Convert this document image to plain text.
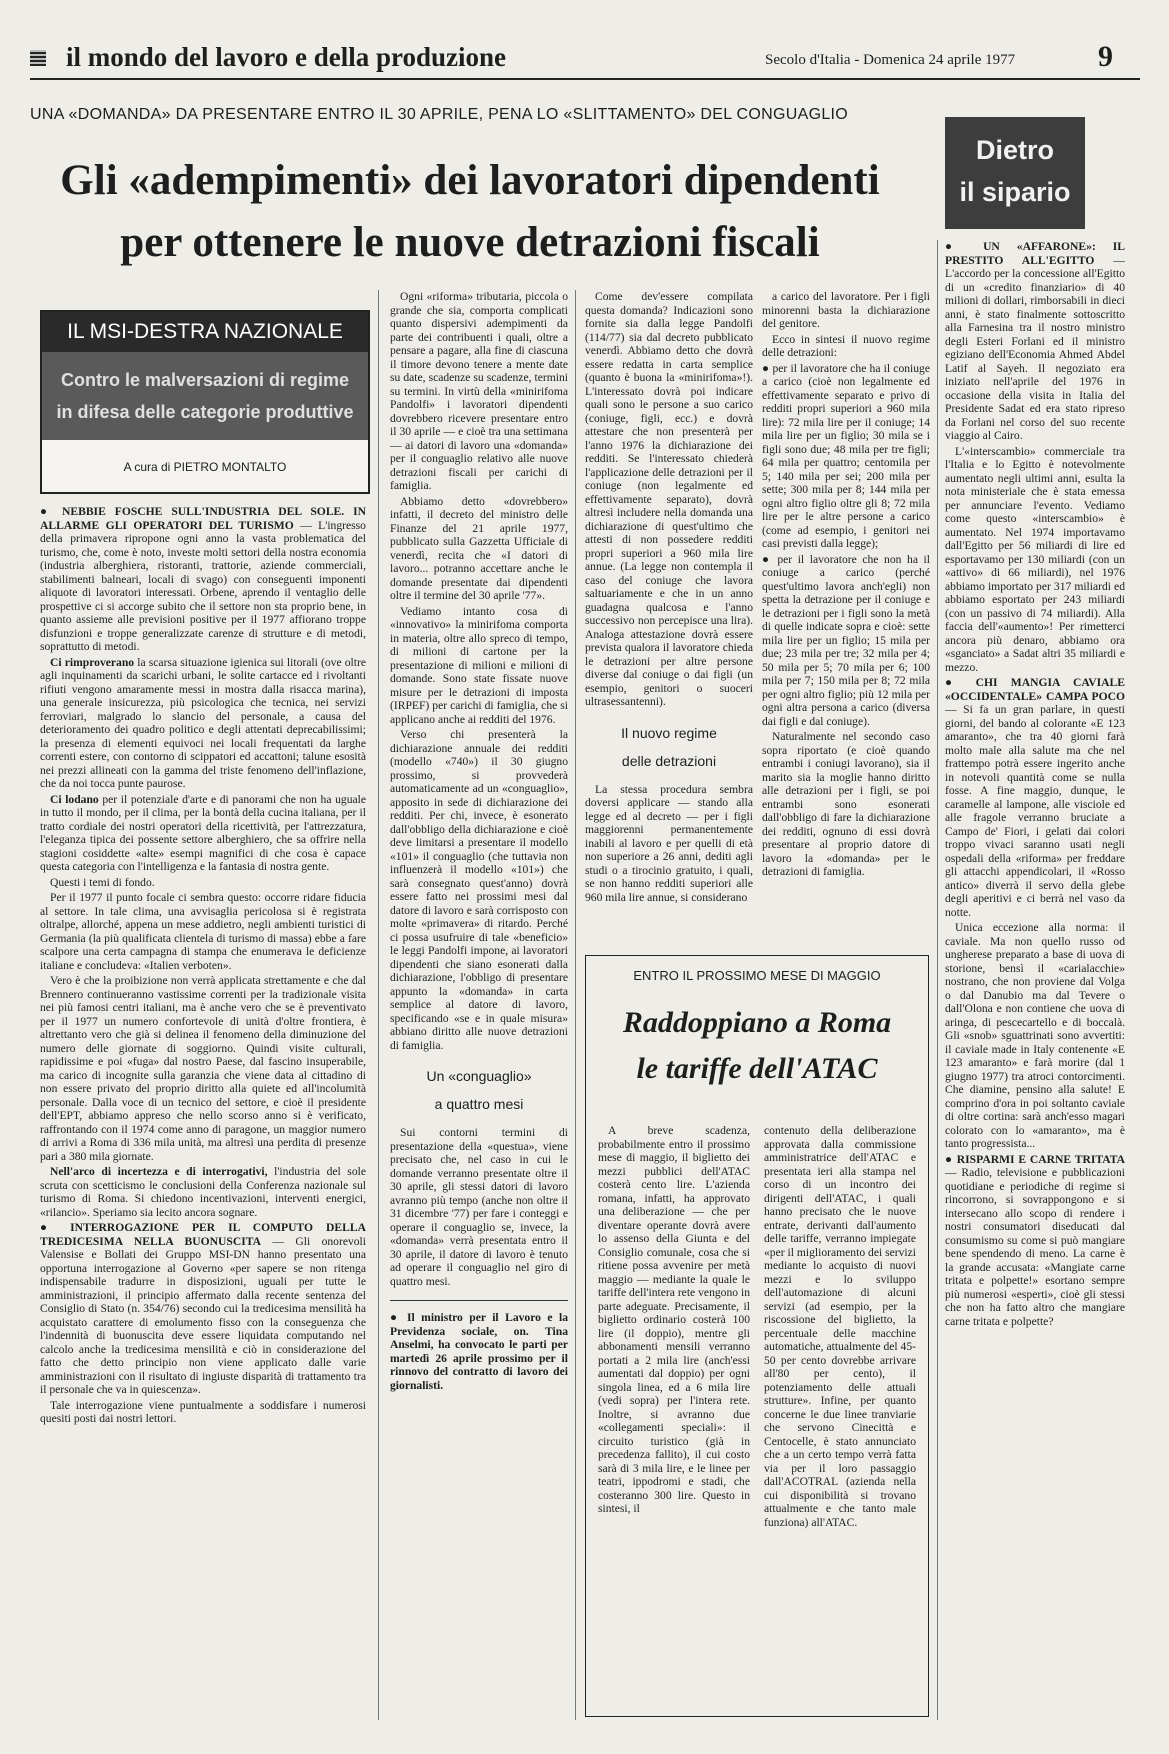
il mondo del lavoro e della produzione	Secolo d'Italia - Domenica 24 aprile 1977	9
UNA «DOMANDA» DA PRESENTARE ENTRO IL 30 APRILE, PENA LO «SLITTAMENTO» DEL CONGUAGLIO
Gli «adempimenti» dei lavoratori dipendenti
per ottenere le nuove detrazioni fiscali
Dietro
il sipario
IL MSI-DESTRA NAZIONALE
Contro le malversazioni di regime
in difesa delle categorie produttive
A cura di PIETRO MONTALTO

● NEBBIE FOSCHE SULL'INDUSTRIA DEL SOLE. IN ALLARME GLI OPERATORI DEL TURISMO — L'ingresso della primavera ripropone ogni anno la vasta problematica del turismo, che, come è noto, investe molti settori della nostra economia (industria alberghiera, ristoranti, trattorie, aziende commerciali, stabilimenti balneari, locali di svago) con conseguenti imponenti aliquote di lavoratori interessati. Orbene, aprendo il ventaglio delle prospettive ci si accorge subito che il settore non sta proprio bene, in quanto assieme alle previsioni positive per il 1977 affiorano troppe disfunzioni e troppe generalizzate carenze di strutture e di metodi, soprattutto di metodi.

Ci rimproverano la scarsa situazione igienica sui litorali (ove oltre agli inquinamenti da scarichi urbani, le solite cartacce ed i rivoltanti rifiuti vengono amaramente messi in mostra dalla risacca marina), una generale insicurezza, più psicologica che tecnica, nei servizi ferroviari, malgrado lo slancio del personale, a causa del deterioramento dei quadro politico e degli attentati deprecabilissimi; la presenza di elementi equivoci nei locali frequentati da larghe correnti estere, con contorno di scippatori ed accattoni; talune esosità nei prezzi allineati con la gamma del triste fenomeno dell'inflazione, che da noi tocca punte paurose.

Ci lodano per il potenziale d'arte e di panorami che non ha uguale in tutto il mondo, per il clima, per la bontà della cucina italiana, per il tratto cordiale dei nostri operatori della ricettività, per l'attrezzatura, l'eleganza tipica dei possente settore alberghiero, che sa offrire nella stagioni cosiddette «alte» esempi magnifici di che cosa è capace questa categoria con l'intelligenza e la fantasia di nostra gente.

Questi i temi di fondo.

Per il 1977 il punto focale ci sembra questo: occorre ridare fiducia al settore. In tale clima, una avvisaglia pericolosa si è registrata oltralpe, allorché, appena un mese addietro, negli ambienti turistici di Germania (la più qualificata clientela di turismo di massa) ebbe a fare scalpore una certa campagna di stampa che enumerava le deficienze italiane e concludeva: «Italien verboten».

Vero è che la proibizione non verrà applicata strettamente e che dal Brennero continueranno vastissime correnti per la tradizionale visita nei più famosi centri italiani, ma è anche vero che se è preventivato per il 1977 un numero confortevole di unità d'oltre frontiera, è altrettanto vero che già si delinea il fenomeno della diminuzione del numero delle giornate di soggiorno. Quindi visite culturali, rapidissime e poi «fuga» dal nostro Paese, dal fascino insuperabile, ma carico di incognite sulla garanzia che viene data al cittadino di non essere privato del proprio diritto alla quiete ed all'incolumità personale. Dalla voce di un tecnico del settore, e cioè il presidente dell'EPT, abbiamo appreso che nello scorso anno si è verificato, raffrontando con il 1974 come anno di paragone, un maggior numero di arrivi a Roma di 336 mila unità, ma altresì una perdita di presenze pari a 380 mila giornate.

Nell'arco di incertezza e di interrogativi, l'industria del sole scruta con scetticismo le conclusioni della Conferenza nazionale sul turismo di Roma. Si chiedono incentivazioni, interventi energici, «rilancio». Speriamo sia lecito ancora sognare.

● INTERROGAZIONE PER IL COMPUTO DELLA TREDICESIMA NELLA BUONUSCITA — Gli onorevoli Valensise e Bollati dei Gruppo MSI-DN hanno presentato una opportuna interrogazione al Governo «per sapere se non ritenga indispensabile tradurre in disposizioni, uguali per tutte le amministrazioni, il principio affermato dalla recente sentenza del Consiglio di Stato (n. 354/76) secondo cui la tredicesima mensilità ha acquistato carattere di emolumento fisso con la conseguenza che l'indennità di buonuscita deve essere liquidata computando nel calcolo anche la tredicesima mensilità e ciò in considerazione del fatto che detto principio non viene applicato dalle varie amministrazioni con il risultato di ingiuste disparità di trattamento tra il personale che va in quiescenza».

Tale interrogazione viene puntualmente a soddisfare i numerosi quesiti posti dai nostri lettori.

Ogni «riforma» tributaria, piccola o grande che sia, comporta complicati quanto dispersivi adempimenti da parte dei contribuenti i quali, oltre a pensare a pagare, alla fine di ciascuna il timore devono tenere a mente date su date, scadenze su scadenze, termini su termini. In virtù della «minirifoma Pandolfi» i lavoratori dipendenti dovrebbero ricevere presentare entro il 30 aprile — e cioè tra una settimana — ai datori di lavoro una «domanda» per il conguaglio relativo alle nuove detrazioni fiscali per carichi di famiglia.

Abbiamo detto «dovrebbero» infatti, il decreto del ministro delle Finanze del 21 aprile 1977, pubblicato sulla Gazzetta Ufficiale di venerdì, recita che «I datori di lavoro... potranno accettare anche le domande presentate dai dipendenti oltre il termine del 30 aprile '77».

Vediamo intanto cosa di «innovativo» la minirifoma comporta in materia, oltre allo spreco di tempo, di milioni di cartone per la presentazione di milioni e milioni di domande. Sono state fissate nuove misure per le detrazioni di imposta (IRPEF) per carichi di famiglia, che si applicano anche ai redditi del 1976.

Verso chi presenterà la dichiarazione annuale dei redditi (modello «740») il 30 giugno prossimo, si provvederà automaticamente ad un «conguaglio», apposito in sede di dichiarazione dei redditi. Per chi, invece, è esonerato dall'obbligo della dichiarazione e cioè deve limitarsi a presentare il modello «101» il conguaglio (che tuttavia non influenzerà il modello «101») che sarà consegnato quest'anno) dovrà essere fatto nei prossimi mesi dal datore di lavoro e sarà corrisposto con molte «primavera» di ritardo. Perché ci possa usufruire di tale «beneficio» le leggi Pandolfi impone, ai lavoratori dipendenti che siano esonerati dalla dichiarazione, l'obbligo di presentare appunto la «domanda» in carta semplice al datore di lavoro, specificando «se e in quale misura» abbiano diritto alle nuove detrazioni di famiglia.

Un «conguaglio»
a quattro mesi

Sui contorni termini di presentazione della «questua», viene precisato che, nel caso in cui le domande verranno presentate oltre il 30 aprile, gli stessi datori di lavoro avranno più tempo (anche non oltre il 31 dicembre '77) per fare i conteggi e operare il conguaglio se, invece, la «domanda» verrà presentata entro il 30 aprile, il datore di lavoro è tenuto ad operare il conguaglio nel giro di quattro mesi.

● Il ministro per il Lavoro e la Previdenza sociale, on. Tina Anselmi, ha convocato le parti per martedì 26 aprile prossimo per il rinnovo del contratto di lavoro dei giornalisti.

Come dev'essere compilata questa domanda? Indicazioni sono fornite sia dalla legge Pandolfi (114/77) sia dal decreto pubblicato venerdì. Abbiamo detto che dovrà essere redatta in carta semplice (quanto è buona la «minirifoma»!). L'interessato dovrà poi indicare quali sono le persone a suo carico (coniuge, figli, ecc.) e dovrà attestare che non presenterà per l'anno 1976 la dichiarazione dei redditi. Se l'interessato chiederà l'applicazione delle detrazioni per il coniuge (non legalmente ed effettivamente separato), dovrà altresì includere nella domanda una dichiarazione di quest'ultimo che attesti di non possedere redditi propri superiori a 960 mila lire annue. (La legge non contempla il caso del coniuge che lavora saltuariamente e che in un anno guadagna qualcosa e l'anno successivo non percepisce una lira). Analoga attestazione dovrà essere prevista qualora il lavoratore chieda le detrazioni per altre persone diverse dal coniuge o dai figli (un esempio, genitori o suoceri ultrasessantenni).

Il nuovo regime
delle detrazioni

La stessa procedura sembra doversi applicare — stando alla legge ed al decreto — per i figli maggiorenni permanentemente inabili al lavoro e per quelli di età non superiore a 26 anni, dediti agli studi o a tirocinio gratuito, i quali, se non hanno redditi superiori alle 960 mila lire annue, si considerano

a carico del lavoratore. Per i figli minorenni basta la dichiarazione del genitore.

Ecco in sintesi il nuovo regime delle detrazioni:

● per il lavoratore che ha il coniuge a carico (cioè non legalmente ed effettivamente separato e privo di redditi propri superiori a 960 mila lire): 72 mila lire per il coniuge; 14 mila lire per un figlio; 30 mila se i figli sono due; 48 mila per tre figli; 64 mila per quattro; centomila per 5; 140 mila per sei; 200 mila per sette; 300 mila per 8; 144 mila per ogni altro figlio oltre gli 8; 72 mila lire per le altre persone a carico (come ad esempio, i genitori nei casi previsti dalla legge);

● per il lavoratore che non ha il coniuge a carico (perché quest'ultimo lavora anch'egli) non spetta la detrazione per il coniuge e le detrazioni per i figli sono la metà di quelle indicate sopra e cioè: sette mila lire per un figlio; 15 mila per due; 23 mila per tre; 32 mila per 4; 50 mila per 5; 70 mila per 6; 100 mila per 7; 150 mila per 8; 72 mila per ogni altro figlio; più 12 mila per ogni altra persona a carico (diversa dai figli e dal coniuge).

Naturalmente nel secondo caso sopra riportato (e cioè quando entrambi i coniugi lavorano), sia il marito sia la moglie hanno diritto alle detrazioni per i figli, se poi entrambi sono esonerati dall'obbligo di fare la dichiarazione dei redditi, ognuno di essi dovrà presentare al proprio datore di lavoro la «domanda» per le detrazioni di famiglia.

ENTRO IL PROSSIMO MESE DI MAGGIO
Raddoppiano a Roma
le tariffe dell'ATAC

A breve scadenza, probabilmente entro il prossimo mese di maggio, il biglietto dei mezzi pubblici dell'ATAC costerà cento lire. L'azienda romana, infatti, ha approvato una deliberazione — che per diventare operante dovrà avere lo assenso della Giunta e del Consiglio comunale, cosa che si ritiene possa avvenire per metà maggio — mediante la quale le tariffe dell'intera rete vengono in parte adeguate. Precisamente, il biglietto ordinario costerà 100 lire (il doppio), mentre gli abbonamenti mensili verranno portati a 2 mila lire (anch'essi aumentati dal doppio) per ogni singola linea, ed a 6 mila lire (vedi sopra) per l'intera rete. Inoltre, si avranno due «collegamenti speciali»: il circuito turistico (già in precedenza fallito), il cui costo sarà di 3 mila lire, e le linee per teatri, ippodromi e stadi, che costeranno 300 lire. Questo in sintesi, il

contenuto della deliberazione approvata dalla commissione amministratrice dell'ATAC e presentata ieri alla stampa nel corso di un incontro dei dirigenti dell'ATAC, i quali hanno precisato che le nuove entrate, derivanti dall'aumento delle tariffe, verranno impiegate «per il miglioramento dei servizi mediante lo acquisto di nuovi mezzi e lo sviluppo dell'automazione di alcuni servizi (ad esempio, per la riscossione del biglietto, la percentuale delle macchine automatiche, attualmente del 45-50 per cento dovrebbe arrivare all'80 per cento), il potenziamento delle attuali strutture». Infine, per quanto concerne le due linee tranviarie che servono Cinecittà e Centocelle, è stato annunciato che a un certo tempo verrà fatta via per il loro passaggio dall'ACOTRAL (azienda nella cui disponibilità si trovano attualmente e che tanto male funziona) all'ATAC.

● UN «AFFARONE»: IL PRESTITO ALL'EGITTO — L'accordo per la concessione all'Egitto di un «credito finanziario» di 40 milioni di dollari, rimborsabili in dieci anni, è stato finalmente sottoscritto alla Farnesina tra il nostro ministro degli Esteri Forlani ed il ministro egiziano dell'Economia Ahmed Abdel Latif al Sayeh. Il negoziato era iniziato nell'aprile del 1976 in occasione della visita in Italia del Presidente Sadat ed era stato ripreso da Forlani nel corso del suo recente viaggio al Cairo.

L'«interscambio» commerciale tra l'Italia e lo Egitto è notevolmente aumentato negli ultimi anni, esulta la nota ministeriale che è stata emessa per annunciare l'evento. Vediamo come questo «interscambio» è aumentato. Nel 1974 importavamo dall'Egitto per 56 miliardi di lire ed esportavamo per 130 miliardi (con un «attivo» di 66 miliardi), nel 1976 abbiamo importato per 317 miliardi ed abbiamo esportato per 243 miliardi (con un passivo di 74 miliardi). Alla faccia dell'«aumento»! Per rimetterci ancora più denaro, abbiamo ora «sganciato» a Sadat altri 35 miliardi e mezzo.

● CHI MANGIA CAVIALE «OCCIDENTALE» CAMPA POCO — Si fa un gran parlare, in questi giorni, del bando al colorante «E 123 amaranto», che tra 40 giorni farà molto male alla salute ma che nel frattempo potrà essere ingerito anche in notevoli quantità come se nulla fosse. A fine maggio, dunque, le caramelle al lampone, alle visciole ed alle fragole verranno bruciate a Campo de' Fiori, i gelati dai colori troppo vivaci saranno usati negli ospedali della «riforma» per freddare gli attacchi appendicolari, il «Rosso antico» diverrà il servo della glebe degli aperitivi e ci berrà nel vaso da notte.

Unica eccezione alla norma: il caviale. Ma non quello russo od ungherese preparato a base di uova di storione, bensì il «carialacchie» nostrano, che non proviene dal Volga o dal Danubio ma dal Tevere o dall'Olona e non contiene che uova di aringa, di pescecartello e di boccalà. Gli «snob» sguattrinati sono avvertiti: il caviale made in Italy contenente «E 123 amaranto» e farà morire (dal 1 giugno 1977) tra atroci contorcimenti. Che diamine, pensino alla salute! E comprino d'ora in poi soltanto caviale di oltre cortina: sarà anch'esso magari colorato con lo «amaranto», ma è tanto progressista...

● RISPARMI E CARNE TRITATA — Radio, televisione e pubblicazioni quotidiane e periodiche di regime si rincorrono, si sovrappongono e si intersecano allo scopo di rendere i nostri consumatori diseducati dal consumismo su come si può mangiare bene spendendo di meno. La carne è la grande accusata: «Mangiate carne tritata e polpette!» esortano sempre più numerosi «esperti», cioè gli stessi che non ha fatto altro che mangiare carne tritata e polpette?
